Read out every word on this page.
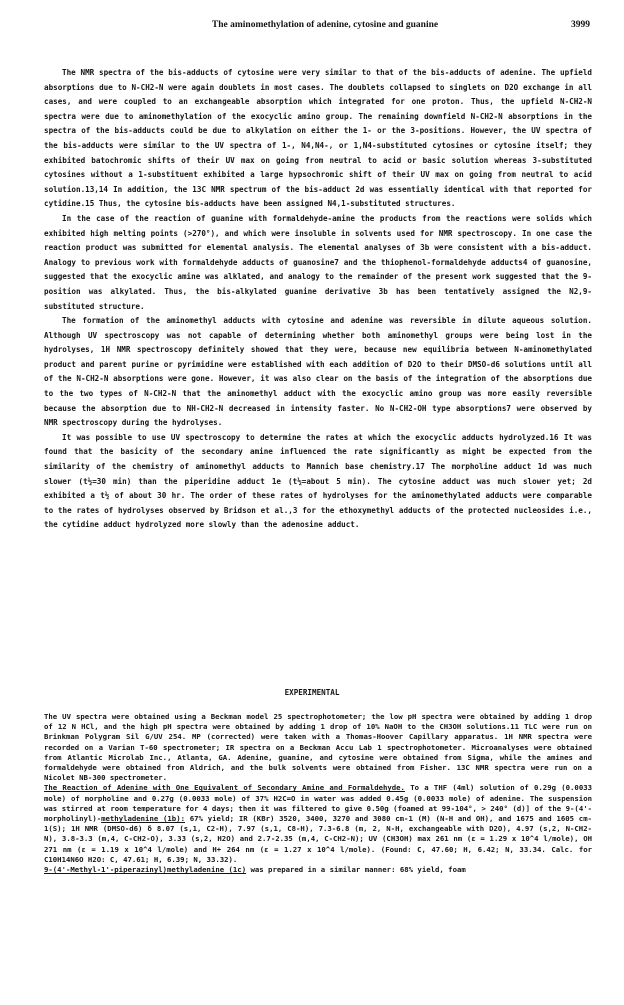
The aminomethylation of adenine, cytosine and guanine	3999

The NMR spectra of the bis-adducts of cytosine were very similar to that of the bis-adducts of adenine. The upfield absorptions due to N-CH2-N were again doublets in most cases. The doublets collapsed to singlets on D2O exchange in all cases, and were coupled to an exchangeable absorption which integrated for one proton. Thus, the upfield N-CH2-N spectra were due to aminomethylation of the exocyclic amino group. The remaining downfield N-CH2-N absorptions in the spectra of the bis-adducts could be due to alkylation on either the 1- or the 3-positions. However, the UV spectra of the bis-adducts were similar to the UV spectra of 1-, N4,N4-, or 1,N4-substituted cytosines or cytosine itself; they exhibited batochromic shifts of their UV max on going from neutral to acid or basic solution whereas 3-substituted cytosines without a 1-substituent exhibited a large hypsochromic shift of their UV max on going from neutral to acid solution.13,14 In addition, the 13C NMR spectrum of the bis-adduct 2d was essentially identical with that reported for cytidine.15 Thus, the cytosine bis-adducts have been assigned N4,1-substituted structures.

In the case of the reaction of guanine with formaldehyde-amine the products from the reactions were solids which exhibited high melting points (>270°), and which were insoluble in solvents used for NMR spectroscopy. In one case the reaction product was submitted for elemental analysis. The elemental analyses of 3b were consistent with a bis-adduct. Analogy to previous work with formaldehyde adducts of guanosine7 and the thiophenol-formaldehyde adducts4 of guanosine, suggested that the exocyclic amine was alklated, and analogy to the remainder of the present work suggested that the 9-position was alkylated. Thus, the bis-alkylated guanine derivative 3b has been tentatively assigned the N2,9-substituted structure.

The formation of the aminomethyl adducts with cytosine and adenine was reversible in dilute aqueous solution. Although UV spectroscopy was not capable of determining whether both aminomethyl groups were being lost in the hydrolyses, 1H NMR spectroscopy definitely showed that they were, because new equilibria between N-aminomethylated product and parent purine or pyrimidine were established with each addition of D2O to their DMSO-d6 solutions until all of the N-CH2-N absorptions were gone. However, it was also clear on the basis of the integration of the absorptions due to the two types of N-CH2-N that the aminomethyl adduct with the exocyclic amino group was more easily reversible because the absorption due to NH-CH2-N decreased in intensity faster. No N-CH2-OH type absorptions7 were observed by NMR spectroscopy during the hydrolyses.

It was possible to use UV spectroscopy to determine the rates at which the exocyclic adducts hydrolyzed.16 It was found that the basicity of the secondary amine influenced the rate significantly as might be expected from the similarity of the chemistry of aminomethyl adducts to Mannich base chemistry.17 The morpholine adduct 1d was much slower (t½=30 min) than the piperidine adduct 1e (t½=about 5 min). The cytosine adduct was much slower yet; 2d exhibited a t½ of about 30 hr. The order of these rates of hydrolyses for the aminomethylated adducts were comparable to the rates of hydrolyses observed by Bridson et al.,3 for the ethoxymethyl adducts of the protected nucleosides i.e., the cytidine adduct hydrolyzed more slowly than the adenosine adduct.

EXPERIMENTAL

The UV spectra were obtained using a Beckman model 25 spectrophotometer; the low pH spectra were obtained by adding 1 drop of 12 N HCl, and the high pH spectra were obtained by adding 1 drop of 10% NaOH to the CH3OH solutions.11 TLC were run on Brinkman Polygram Sil G/UV 254. MP (corrected) were taken with a Thomas-Hoover Capillary apparatus. 1H NMR spectra were recorded on a Varian T-60 spectrometer; IR spectra on a Beckman Accu Lab 1 spectrophotometer. Microanalyses were obtained from Atlantic Microlab Inc., Atlanta, GA. Adenine, guanine, and cytosine were obtained from Sigma, while the amines and formaldehyde were obtained from Aldrich, and the bulk solvents were obtained from Fisher. 13C NMR spectra were run on a Nicolet NB-300 spectrometer.

The Reaction of Adenine with One Equivalent of Secondary Amine and Formaldehyde. To a THF (4ml) solution of 0.29g (0.0033 mole) of morpholine and 0.27g (0.0033 mole) of 37% H2C=O in water was added 0.45g (0.0033 mole) of adenine. The suspension was stirred at room temperature for 4 days; then it was filtered to give 0.50g (foamed at 99-104°, > 240° (d)] of the 9-(4'-morpholinyl)-methyladenine (1b): 67% yield; IR (KBr) 3520, 3400, 3270 and 3080 cm-1 (M) (N-H and OH), and 1675 and 1605 cm-1(S); 1H NMR (DMSO-d6) δ 8.07 (s,1, C2-H), 7.97 (s,1, C8-H), 7.3-6.8 (m, 2, N-H, exchangeable with D2O), 4.97 (s,2, N-CH2-N), 3.8-3.3 (m,4, C-CH2-O), 3.33 (s,2, H2O) and 2.7-2.35 (m,4, C-CH2-N); UV (CH3OH) max 261 nm (ε = 1.29 x 10^4 l/mole), OH 271 nm (ε = 1.19 x 10^4 l/mole) and H+ 264 nm (ε = 1.27 x 10^4 l/mole). (Found: C, 47.60; H, 6.42; N, 33.34. Calc. for C10H14N6O H2O: C, 47.61; H, 6.39; N, 33.32).

9-(4'-Methyl-1'-piperazinyl)methyladenine (1c) was prepared in a similar manner: 68% yield, foam
